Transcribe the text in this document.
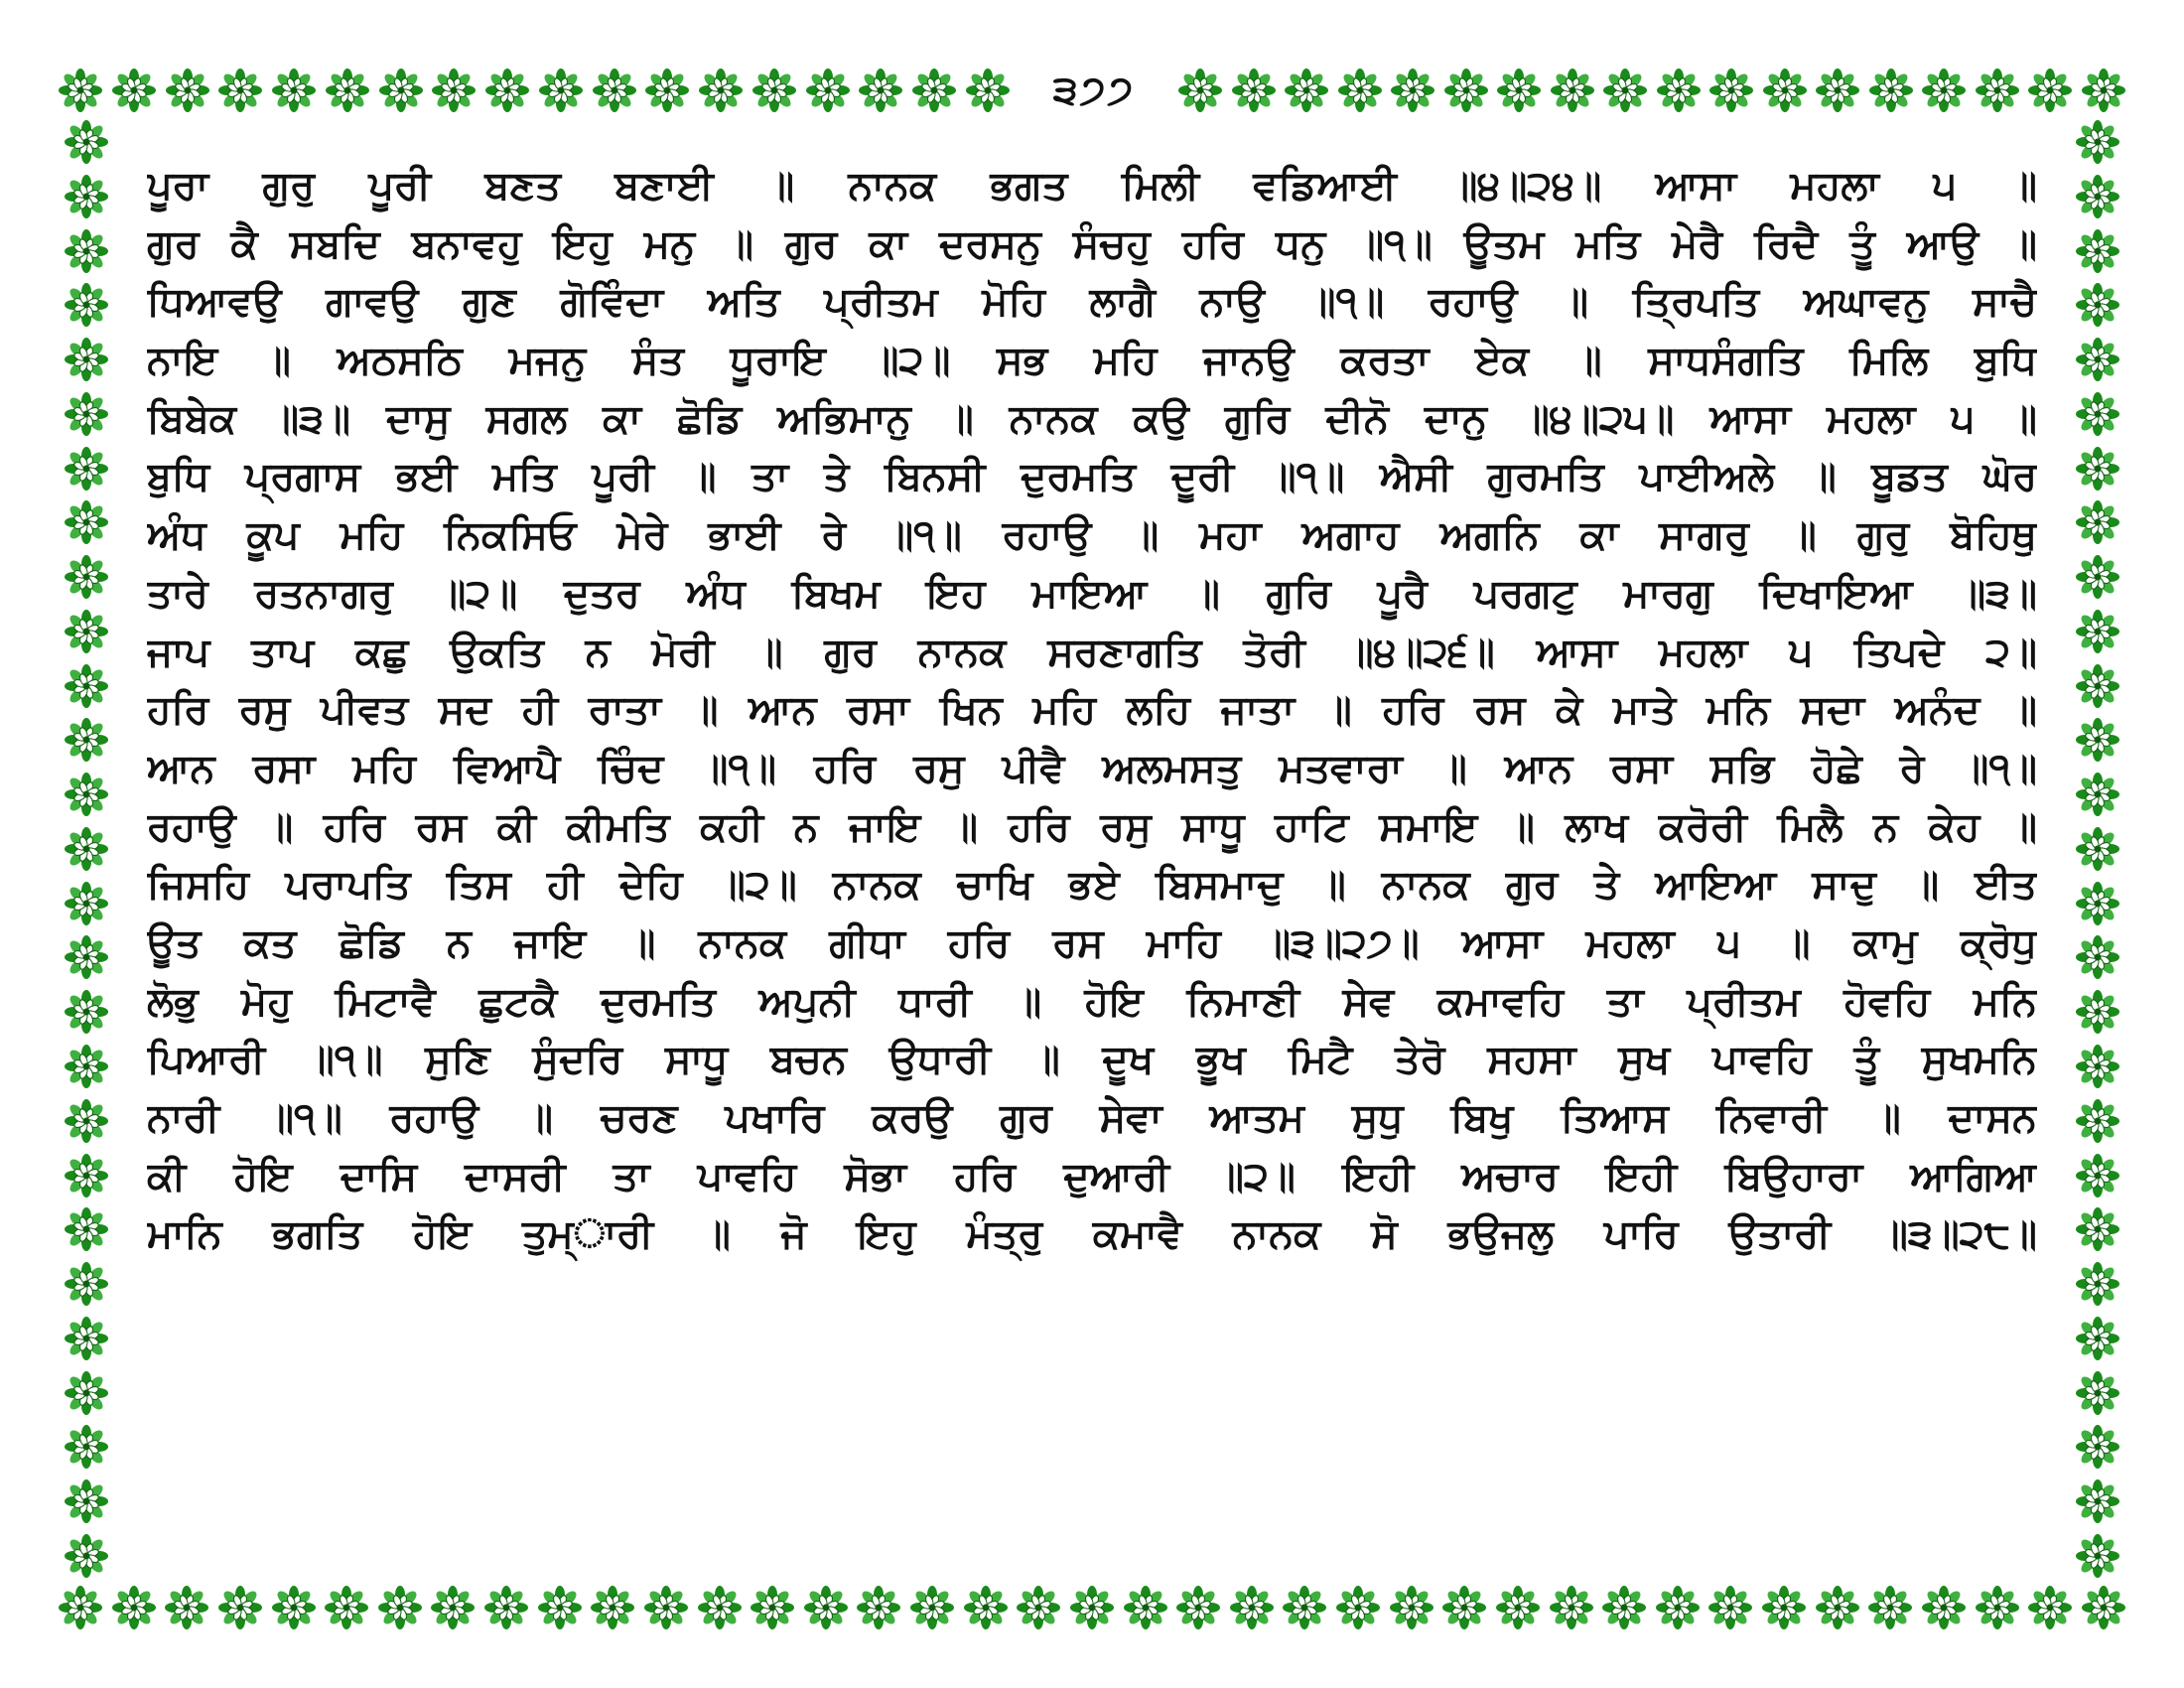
੩੭੭
ਪੂਰਾ ਗੁਰੁ ਪੂਰੀ ਬਣਤ ਬਣਾਈ ॥ ਨਾਨਕ ਭਗਤ ਮਿਲੀ ਵਡਿਆਈ ॥੪॥੨੪॥ ਆਸਾ ਮਹਲਾ ੫ ॥
ਗੁਰ ਕੈ ਸਬਦਿ ਬਨਾਵਹੁ ਇਹੁ ਮਨੁ ॥ ਗੁਰ ਕਾ ਦਰਸਨੁ ਸੰਚਹੁ ਹਰਿ ਧਨੁ ॥੧॥ ਊਤਮ ਮਤਿ ਮੇਰੈ ਰਿਦੈ ਤੂੰ ਆਉ ॥
ਧਿਆਵਉ ਗਾਵਉ ਗੁਣ ਗੋਵਿੰਦਾ ਅਤਿ ਪ੍ਰੀਤਮ ਮੋਹਿ ਲਾਗੈ ਨਾਉ ॥੧॥ ਰਹਾਉ ॥ ਤ੍ਰਿਪਤਿ ਅਘਾਵਨੁ ਸਾਚੈ
ਨਾਇ ॥ ਅਠਸਠਿ ਮਜਨੁ ਸੰਤ ਧੂਰਾਇ ॥੨॥ ਸਭ ਮਹਿ ਜਾਨਉ ਕਰਤਾ ਏਕ ॥ ਸਾਧਸੰਗਤਿ ਮਿਲਿ ਬੁਧਿ
ਬਿਬੇਕ ॥੩॥ ਦਾਸੁ ਸਗਲ ਕਾ ਛੋਡਿ ਅਭਿਮਾਨੁ ॥ ਨਾਨਕ ਕਉ ਗੁਰਿ ਦੀਨੋ ਦਾਨੁ ॥੪॥੨੫॥ ਆਸਾ ਮਹਲਾ ੫ ॥
ਬੁਧਿ ਪ੍ਰਗਾਸ ਭਈ ਮਤਿ ਪੂਰੀ ॥ ਤਾ ਤੇ ਬਿਨਸੀ ਦੁਰਮਤਿ ਦੂਰੀ ॥੧॥ ਐਸੀ ਗੁਰਮਤਿ ਪਾਈਅਲੇ ॥ ਬੂਡਤ ਘੋਰ
ਅੰਧ ਕੂਪ ਮਹਿ ਨਿਕਸਿਓ ਮੇਰੇ ਭਾਈ ਰੇ ॥੧॥ ਰਹਾਉ ॥ ਮਹਾ ਅਗਾਹ ਅਗਨਿ ਕਾ ਸਾਗਰੁ ॥ ਗੁਰੁ ਬੋਹਿਥੁ
ਤਾਰੇ ਰਤਨਾਗਰੁ ॥੨॥ ਦੁਤਰ ਅੰਧ ਬਿਖਮ ਇਹ ਮਾਇਆ ॥ ਗੁਰਿ ਪੂਰੈ ਪਰਗਟੁ ਮਾਰਗੁ ਦਿਖਾਇਆ ॥੩॥
ਜਾਪ ਤਾਪ ਕਛੁ ਉਕਤਿ ਨ ਮੋਰੀ ॥ ਗੁਰ ਨਾਨਕ ਸਰਣਾਗਤਿ ਤੋਰੀ ॥੪॥੨੬॥ ਆਸਾ ਮਹਲਾ ੫ ਤਿਪਦੇ ੨॥
ਹਰਿ ਰਸੁ ਪੀਵਤ ਸਦ ਹੀ ਰਾਤਾ ॥ ਆਨ ਰਸਾ ਖਿਨ ਮਹਿ ਲਹਿ ਜਾਤਾ ॥ ਹਰਿ ਰਸ ਕੇ ਮਾਤੇ ਮਨਿ ਸਦਾ ਅਨੰਦ ॥
ਆਨ ਰਸਾ ਮਹਿ ਵਿਆਪੈ ਚਿੰਦ ॥੧॥ ਹਰਿ ਰਸੁ ਪੀਵੈ ਅਲਮਸਤੁ ਮਤਵਾਰਾ ॥ ਆਨ ਰਸਾ ਸਭਿ ਹੋਛੇ ਰੇ ॥੧॥
ਰਹਾਉ ॥ ਹਰਿ ਰਸ ਕੀ ਕੀਮਤਿ ਕਹੀ ਨ ਜਾਇ ॥ ਹਰਿ ਰਸੁ ਸਾਧੂ ਹਾਟਿ ਸਮਾਇ ॥ ਲਾਖ ਕਰੋਰੀ ਮਿਲੈ ਨ ਕੇਹ ॥
ਜਿਸਹਿ ਪਰਾਪਤਿ ਤਿਸ ਹੀ ਦੇਹਿ ॥੨॥ ਨਾਨਕ ਚਾਖਿ ਭਏ ਬਿਸਮਾਦੁ ॥ ਨਾਨਕ ਗੁਰ ਤੇ ਆਇਆ ਸਾਦੁ ॥ ਈਤ
ਊਤ ਕਤ ਛੋਡਿ ਨ ਜਾਇ ॥ ਨਾਨਕ ਗੀਧਾ ਹਰਿ ਰਸ ਮਾਹਿ ॥੩॥੨੭॥ ਆਸਾ ਮਹਲਾ ੫ ॥ ਕਾਮੁ ਕ੍ਰੋਧੁ
ਲੋਭੁ ਮੋਹੁ ਮਿਟਾਵੈ ਛੁਟਕੈ ਦੁਰਮਤਿ ਅਪੁਨੀ ਧਾਰੀ ॥ ਹੋਇ ਨਿਮਾਣੀ ਸੇਵ ਕਮਾਵਹਿ ਤਾ ਪ੍ਰੀਤਮ ਹੋਵਹਿ ਮਨਿ
ਪਿਆਰੀ ॥੧॥ ਸੁਣਿ ਸੁੰਦਰਿ ਸਾਧੂ ਬਚਨ ਉਧਾਰੀ ॥ ਦੂਖ ਭੂਖ ਮਿਟੈ ਤੇਰੋ ਸਹਸਾ ਸੁਖ ਪਾਵਹਿ ਤੂੰ ਸੁਖਮਨਿ
ਨਾਰੀ ॥੧॥ ਰਹਾਉ ॥ ਚਰਣ ਪਖਾਰਿ ਕਰਉ ਗੁਰ ਸੇਵਾ ਆਤਮ ਸੁਧੁ ਬਿਖੁ ਤਿਆਸ ਨਿਵਾਰੀ ॥ ਦਾਸਨ
ਕੀ ਹੋਇ ਦਾਸਿ ਦਾਸਰੀ ਤਾ ਪਾਵਹਿ ਸੋਭਾ ਹਰਿ ਦੁਆਰੀ ॥੨॥ ਇਹੀ ਅਚਾਰ ਇਹੀ ਬਿਉਹਾਰਾ ਆਗਿਆ
ਮਾਨਿ ਭਗਤਿ ਹੋਇ ਤੁਮ੍ਾਰੀ ॥ ਜੋ ਇਹੁ ਮੰਤ੍ਰੁ ਕਮਾਵੈ ਨਾਨਕ ਸੋ ਭਉਜਲੁ ਪਾਰਿ ਉਤਾਰੀ ॥੩॥੨੮॥
